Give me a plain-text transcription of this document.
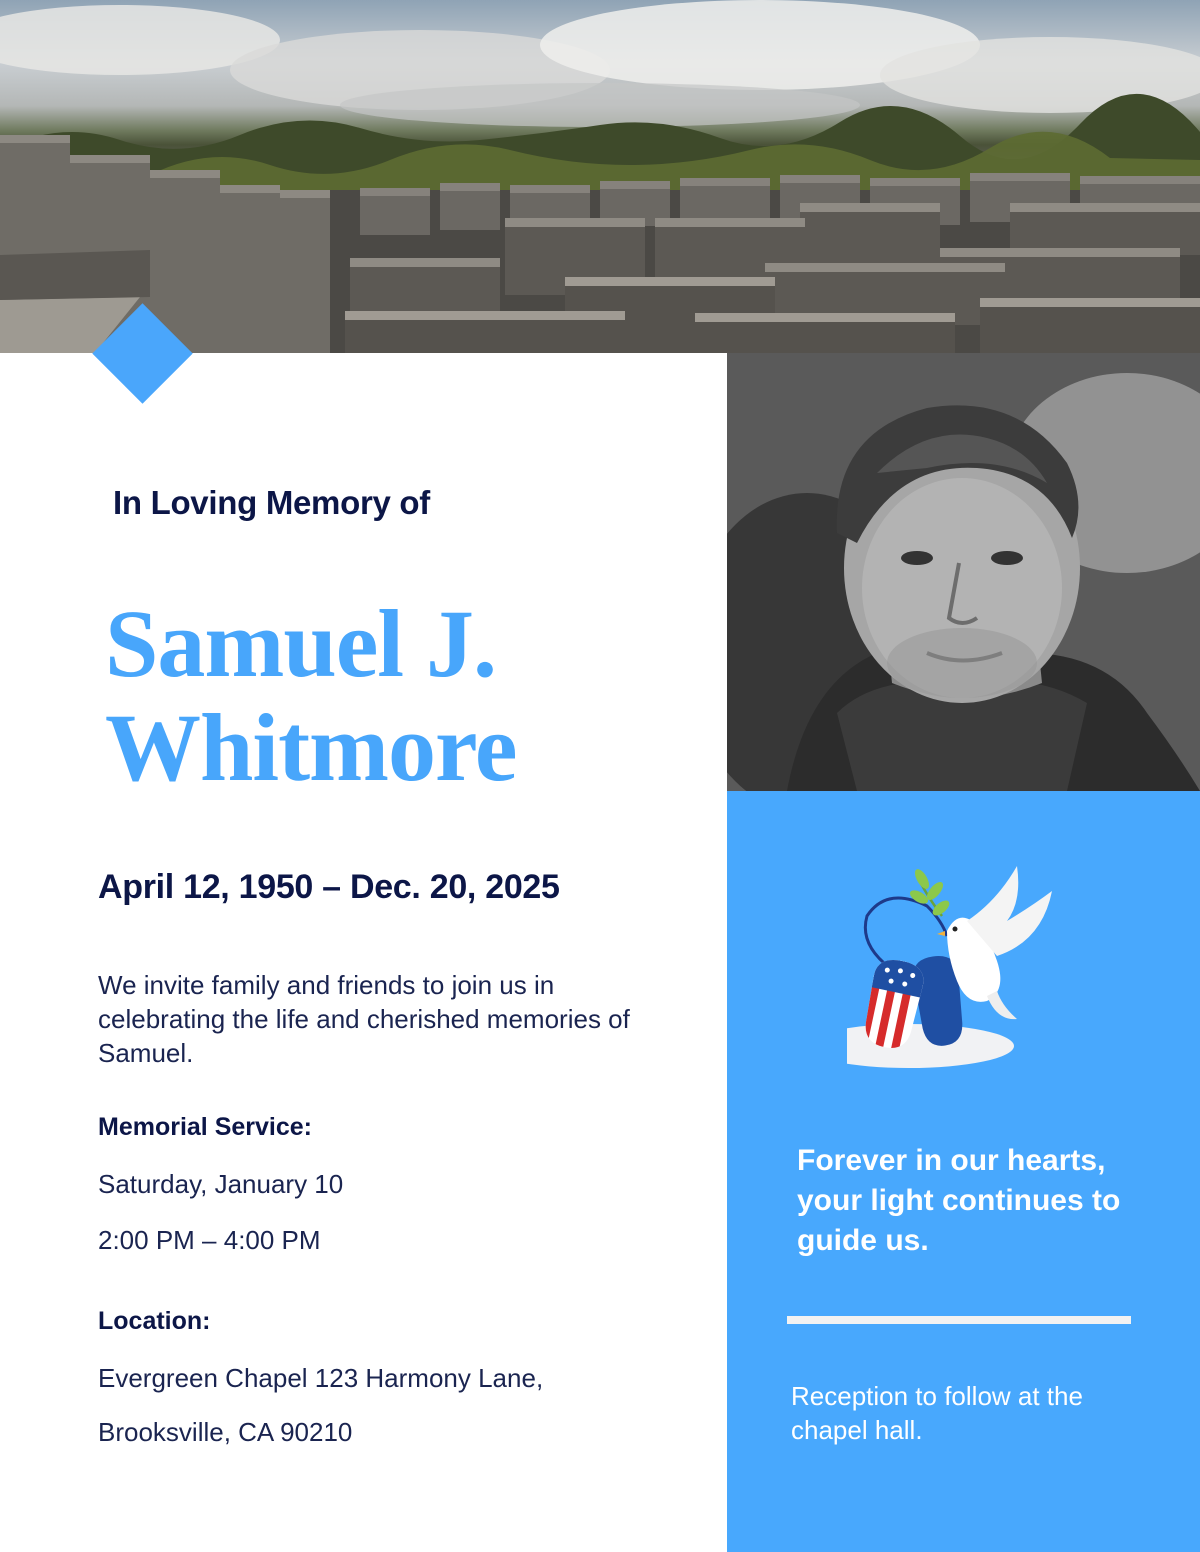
In Loving Memory of
Samuel J.
Whitmore
April 12, 1950 – Dec. 20, 2025
We invite family and friends to join us in celebrating the life and cherished memories of Samuel.
Memorial Service:
Saturday, January 10
2:00 PM – 4:00 PM
Location:
Evergreen Chapel 123 Harmony Lane,
Brooksville, CA 90210
Forever in our hearts, your light continues to guide us.
Reception to follow at the chapel hall.
